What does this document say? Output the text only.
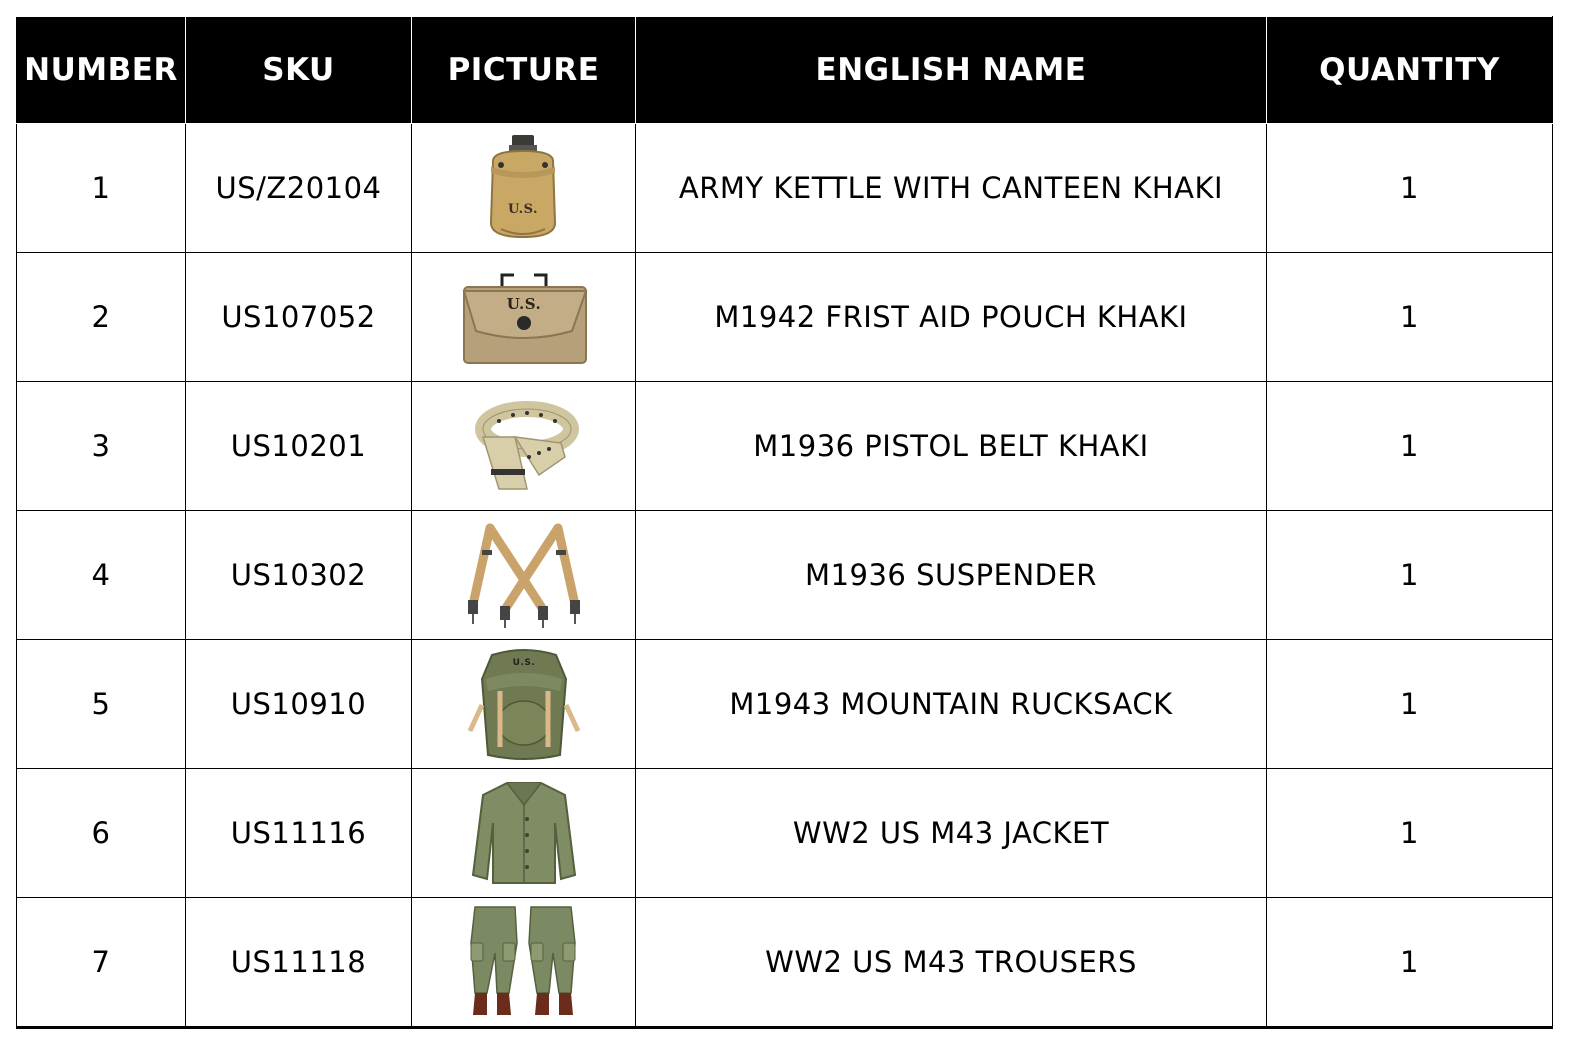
NUMBER	SKU	PICTURE	ENGLISH NAME	QUANTITY
1	US/Z20104	U.S.	ARMY KETTLE WITH CANTEEN KHAKI	1
2	US107052	U.S.	M1942 FRIST AID POUCH KHAKI	1
3	US10201		M1936 PISTOL BELT KHAKI	1
4	US10302		M1936 SUSPENDER	1
5	US10910	U.S.	M1943 MOUNTAIN RUCKSACK	1
6	US11116		WW2 US M43 JACKET	1
7	US11118		WW2 US M43 TROUSERS	1
